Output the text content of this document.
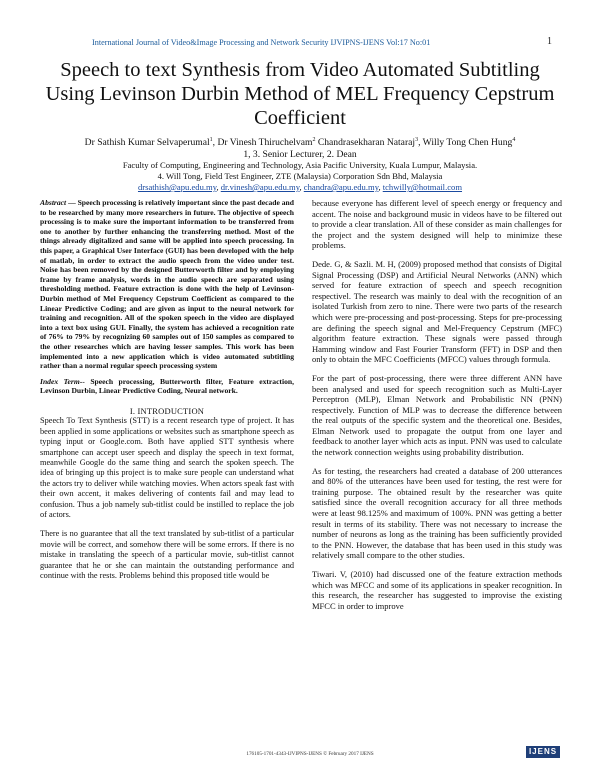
International Journal of Video&Image Processing and Network Security IJVIPNS-IJENS Vol:17 No:01	1
Speech to text Synthesis from Video Automated Subtitling Using Levinson Durbin Method of MEL Frequency Cepstrum Coefficient
Dr Sathish Kumar Selvaperumal$^1$, Dr Vinesh Thiruchelvam$^2$ Chandrasekharan Nataraj$^3$, Willy Tong Chen Hung$^4$
1, 3. Senior Lecturer, 2. Dean
Faculty of Computing, Engineering and Technology, Asia Pacific University, Kuala Lumpur, Malaysia.
4. Will Tong, Field Test Engineer, ZTE (Malaysia) Corporation Sdn Bhd, Malaysia
drsathish@apu.edu.my, dr.vinesh@apu.edu.my, chandra@apu.edu.my, tchwilly@hotmail.com

Abstract — Speech processing is relatively important since the past decade and to be researched by many more researchers in future. The objective of speech processing is to make sure the important information to be transferred from one to another by further enhancing the transferring method. Most of the things already digitalized and same will be applied into speech processing. In this paper, a Graphical User Interface (GUI) has been developed with the help of matlab, in order to extract the audio speech from the video under test. Noise has been removed by the designed Butterworth filter and by employing frame by frame analysis, words in the audio speech are separated using thresholding method. Feature extraction is done with the help of Levinson-Durbin method of Mel Frequency Cepstrum Coefficient as compared to the Linear Predictive Coding; and are given as input to the neural network for training and recognition. All of the spoken speech in the video are displayed into a text box using GUI. Finally, the system has achieved a recognition rate of 76% to 79% by recognizing 60 samples out of 150 samples as compared to the other researches which are having lesser samples. This work has been implemented into a new application which is video automated subtitling rather than a normal regular speech processing system

Index Term-- Speech processing, Butterworth filter, Feature extraction, Levinson Durbin, Linear Predictive Coding, Neural network.

I. INTRODUCTION

Speech To Text Synthesis (STT) is a recent research type of project. It has been applied in some applications or websites such as smartphone speech as typing input or Google.com. Both have applied STT synthesis where smartphone can accept user speech and display the speech in text format, meanwhile Google do the same thing and search the spoken speech. The idea of bringing up this project is to make sure people can understand what the actors try to deliver while watching movies. When actors speak fast with their own accent, it makes delivering of contents fail and may lead to confusion. Thus a job namely sub-titlist could be instilled to replace the job of actors.

There is no guarantee that all the text translated by sub-titlist of a particular movie will be correct, and somehow there will be some errors. If there is no mistake in translating the speech of a particular movie, sub-titlist cannot guarantee that he or she can maintain the outstanding performance and continue with the rests. Problems behind this proposed title would be

because everyone has different level of speech energy or frequency and accent. The noise and background music in videos have to be filtered out to provide a clear translation. All of these consider as main challenges for the project and the system designed will help to minimize these problems.

Dede. G, & Sazli. M. H, (2009) proposed method that consists of Digital Signal Processing (DSP) and Artificial Neural Networks (ANN) which served for feature extraction of speech and speech recognition respectivel. The research was mainly to deal with the recognition of an isolated Turkish from zero to nine. There were two parts of the research which were pre-processing and post-processing. Steps for pre-processing are defining the speech signal and Mel-Frequency Cepstrum (MFC) algorithm feature extraction. These signals were passed through Hamming window and Fast Fourier Transform (FFT) in DSP and then only to obtain the MFC Coefficients (MFCC) values through formula.

For the part of post-processing, there were three different ANN have been analysed and used for speech recognition such as Multi-Layer Perceptron (MLP), Elman Network and Probabilistic NN (PNN) respectively. Function of MLP was to decrease the difference between the real outputs of the specific system and the theoretical one. Besides, Elman Network used to propagate the output from one layer and feedback to another layer which acts as input. PNN was used to calculate the network connection weights using probability distribution.

As for testing, the researchers had created a database of 200 utterances and 80% of the utterances have been used for testing, the rest were for training purpose. The obtained result by the researcher was quite satisfied since the overall recognition accuracy for all three methods were at least 98.125% and maximum of 100%. PNN was getting a better result in terms of its stability. There was not necessary to increase the number of neurons as long as the training has been sufficiently provided to the PNN. However, the database that has been used in this study was relatively small compare to the other studies.

Tiwari. V, (2010) had discussed one of the feature extraction methods which was MFCC and some of its applications in speaker recognition. In this research, the researcher has suggested to improvise the existing MFCC in order to improve

176105-1701-4343-IJVIPNS-IJENS © February 2017 IJENS	IJENS
